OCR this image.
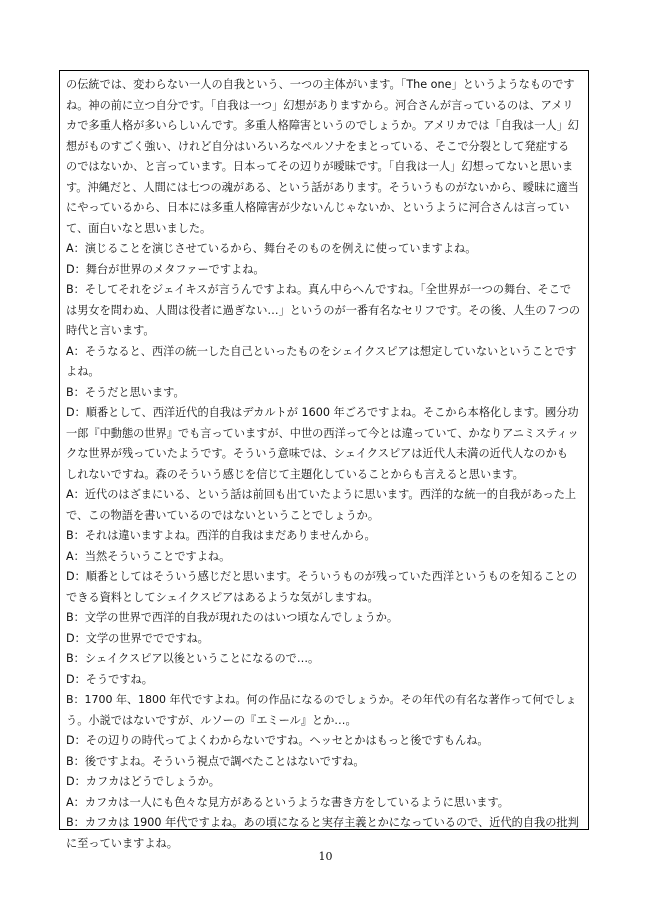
の伝統では、変わらない一人の自我という、一つの主体がいます。「The one」というようなものです
ね。神の前に立つ自分です。「自我は一つ」幻想がありますから。河合さんが言っているのは、アメリ
カで多重人格が多いらしいんです。多重人格障害というのでしょうか。アメリカでは「自我は一人」幻
想がものすごく強い、けれど自分はいろいろなペルソナをまとっている、そこで分裂として発症する
のではないか、と言っています。日本ってその辺りが曖昧です。「自我は一人」幻想ってないと思いま
す。沖縄だと、人間には七つの魂がある、という話があります。そういうものがないから、曖昧に適当
にやっているから、日本には多重人格障害が少ないんじゃないか、というように河合さんは言ってい
て、面白いなと思いました。
A：演じることを演じさせているから、舞台そのものを例えに使っていますよね。
D：舞台が世界のメタファーですよね。
B：そしてそれをジェイキスが言うんですよね。真ん中らへんですね。「全世界が一つの舞台、そこで
は男女を問わぬ、人間は役者に過ぎない…」というのが一番有名なセリフです。その後、人生の７つの
時代と言います。
A：そうなると、西洋の統一した自己といったものをシェイクスピアは想定していないということです
よね。
B：そうだと思います。
D：順番として、西洋近代的自我はデカルトが 1600 年ごろですよね。そこから本格化します。國分功
一郎『中動態の世界』でも言っていますが、中世の西洋って今とは違っていて、かなりアニミスティッ
クな世界が残っていたようです。そういう意味では、シェイクスピアは近代人未満の近代人なのかも
しれないですね。森のそういう感じを信じて主題化していることからも言えると思います。
A：近代のはざまにいる、という話は前回も出ていたように思います。西洋的な統一的自我があった上
で、この物語を書いているのではないということでしょうか。
B：それは違いますよね。西洋的自我はまだありませんから。
A：当然そういうことですよね。
D：順番としてはそういう感じだと思います。そういうものが残っていた西洋というものを知ることの
できる資料としてシェイクスピアはあるような気がしますね。
B：文学の世界で西洋的自我が現れたのはいつ頃なんでしょうか。
D：文学の世界ででですね。
B：シェイクスピア以後ということになるので…。
D：そうですね。
B：1700 年、1800 年代ですよね。何の作品になるのでしょうか。その年代の有名な著作って何でしょ
う。小説ではないですが、ルソーの『エミール』とか…。
D：その辺りの時代ってよくわからないですね。ヘッセとかはもっと後ですもんね。
B：後ですよね。そういう視点で調べたことはないですね。
D：カフカはどうでしょうか。
A：カフカは一人にも色々な見方があるというような書き方をしているように思います。
B：カフカは 1900 年代ですよね。あの頃になると実存主義とかになっているので、近代的自我の批判
に至っていますよね。
10
